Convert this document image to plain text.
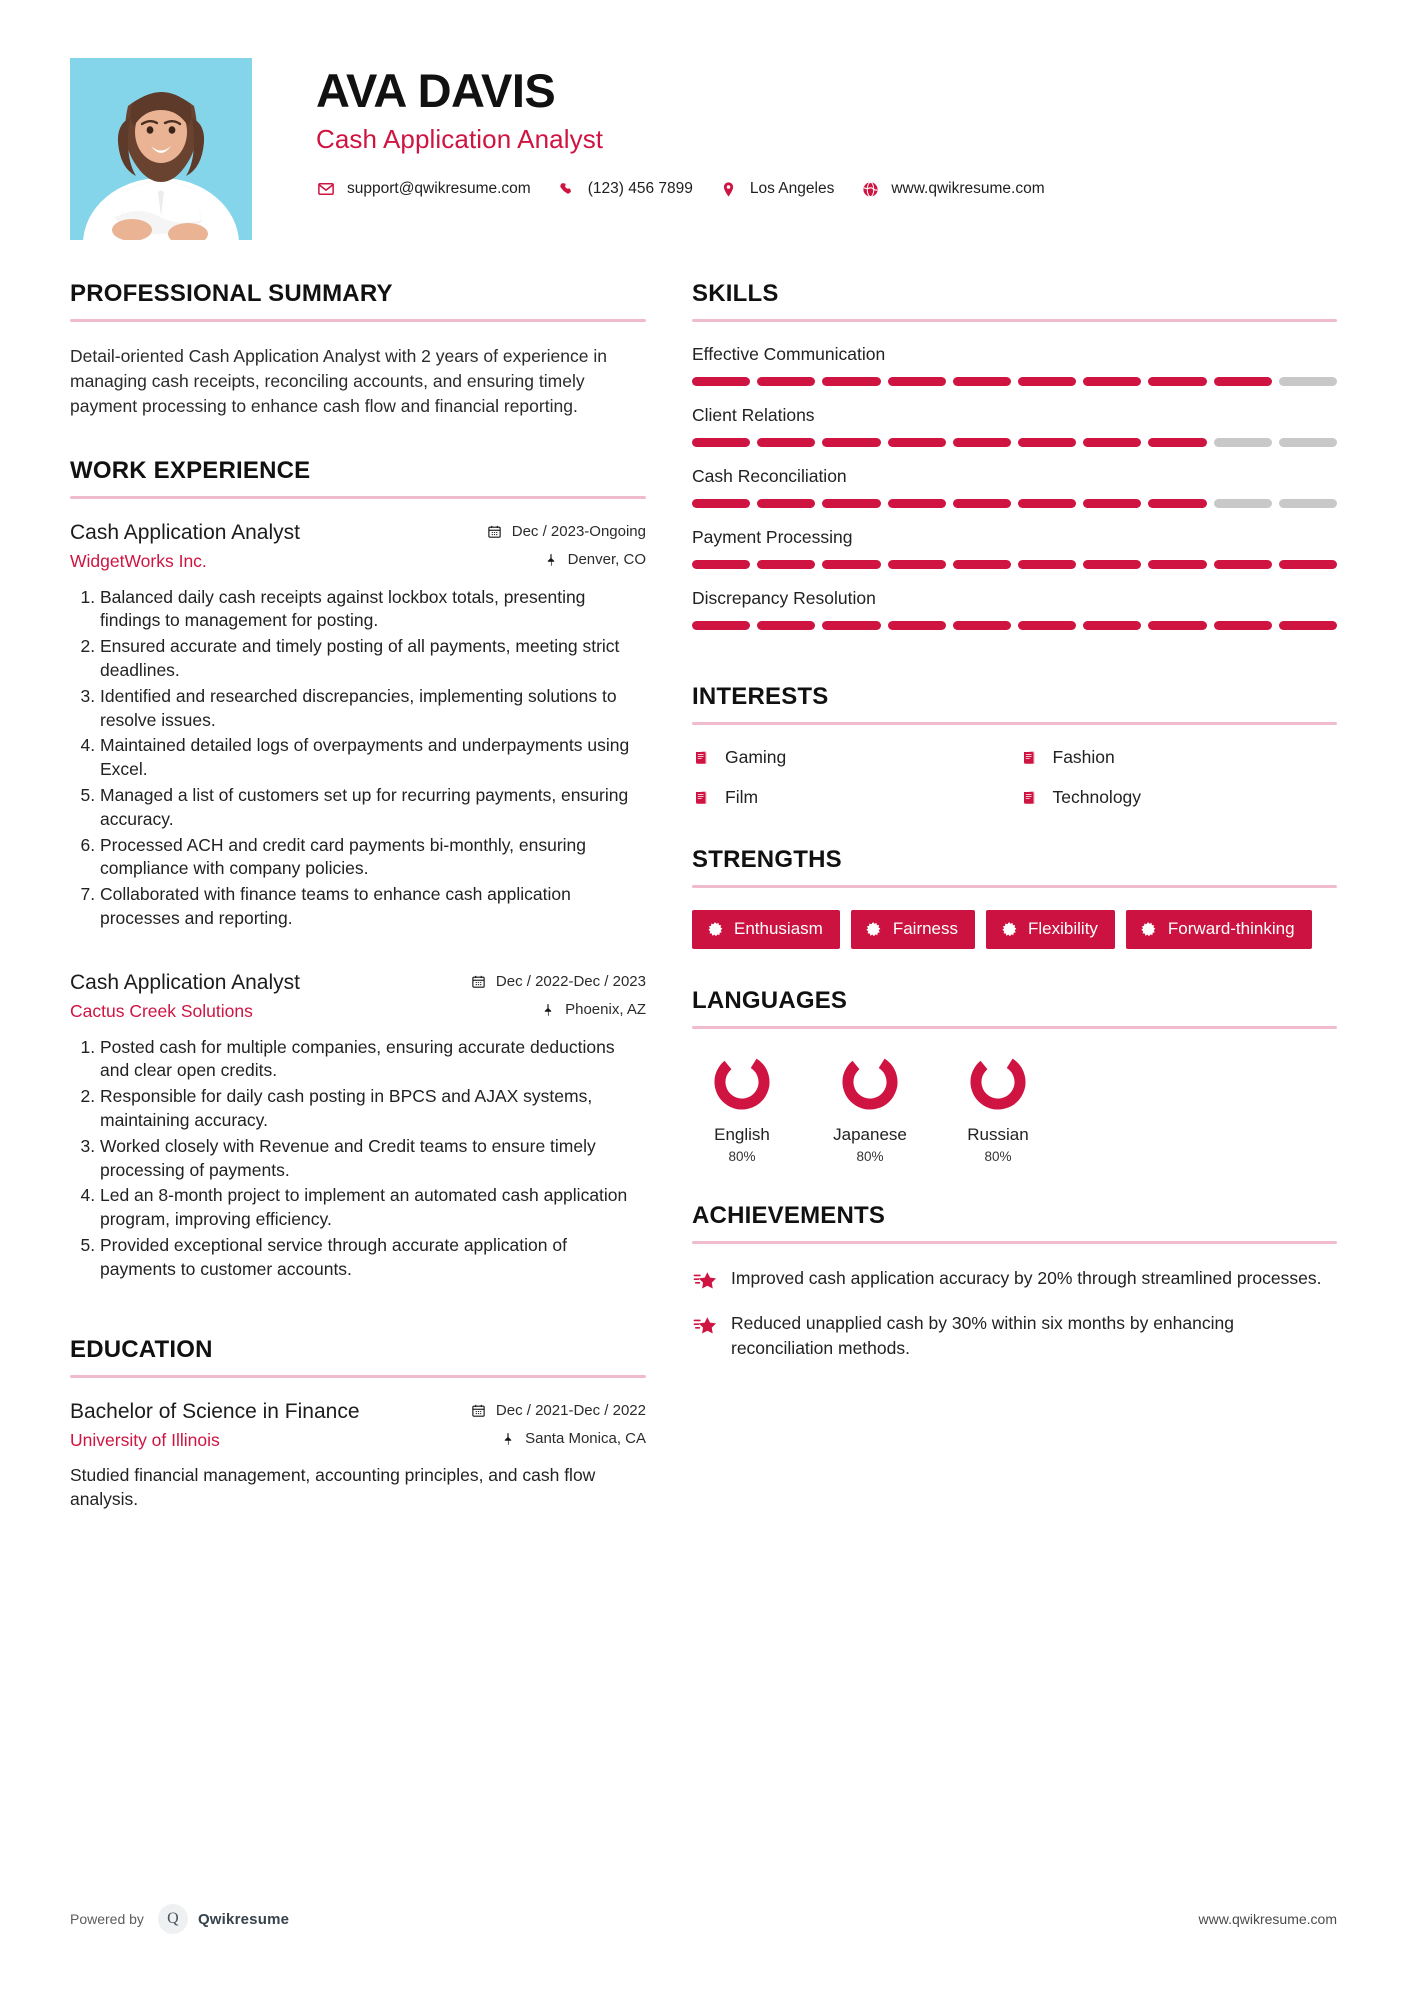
AVA DAVIS
Cash Application Analyst
support@qwikresume.com	(123) 456 7899	Los Angeles	www.qwikresume.com
PROFESSIONAL SUMMARY
Detail-oriented Cash Application Analyst with 2 years of experience in managing cash receipts, reconciling accounts, and ensuring timely payment processing to enhance cash flow and financial reporting.
WORK EXPERIENCE
Cash Application Analyst	Dec / 2023-Ongoing
WidgetWorks Inc.	Denver, CO
1. Balanced daily cash receipts against lockbox totals, presenting findings to management for posting.
2. Ensured accurate and timely posting of all payments, meeting strict deadlines.
3. Identified and researched discrepancies, implementing solutions to resolve issues.
4. Maintained detailed logs of overpayments and underpayments using Excel.
5. Managed a list of customers set up for recurring payments, ensuring accuracy.
6. Processed ACH and credit card payments bi-monthly, ensuring compliance with company policies.
7. Collaborated with finance teams to enhance cash application processes and reporting.
Cash Application Analyst	Dec / 2022-Dec / 2023
Cactus Creek Solutions	Phoenix, AZ
1. Posted cash for multiple companies, ensuring accurate deductions and clear open credits.
2. Responsible for daily cash posting in BPCS and AJAX systems, maintaining accuracy.
3. Worked closely with Revenue and Credit teams to ensure timely processing of payments.
4. Led an 8-month project to implement an automated cash application program, improving efficiency.
5. Provided exceptional service through accurate application of payments to customer accounts.
EDUCATION
Bachelor of Science in Finance	Dec / 2021-Dec / 2022
University of Illinois	Santa Monica, CA
Studied financial management, accounting principles, and cash flow analysis.
SKILLS
Effective Communication
Client Relations
Cash Reconciliation
Payment Processing
Discrepancy Resolution
INTERESTS
Gaming	Fashion
Film	Technology
STRENGTHS
Enthusiasm	Fairness	Flexibility	Forward-thinking
LANGUAGES
English
80%
Japanese
80%
Russian
80%
ACHIEVEMENTS
Improved cash application accuracy by 20% through streamlined processes.
Reduced unapplied cash by 30% within six months by enhancing reconciliation methods.
Powered by	Q	Qwikresume	www.qwikresume.com
